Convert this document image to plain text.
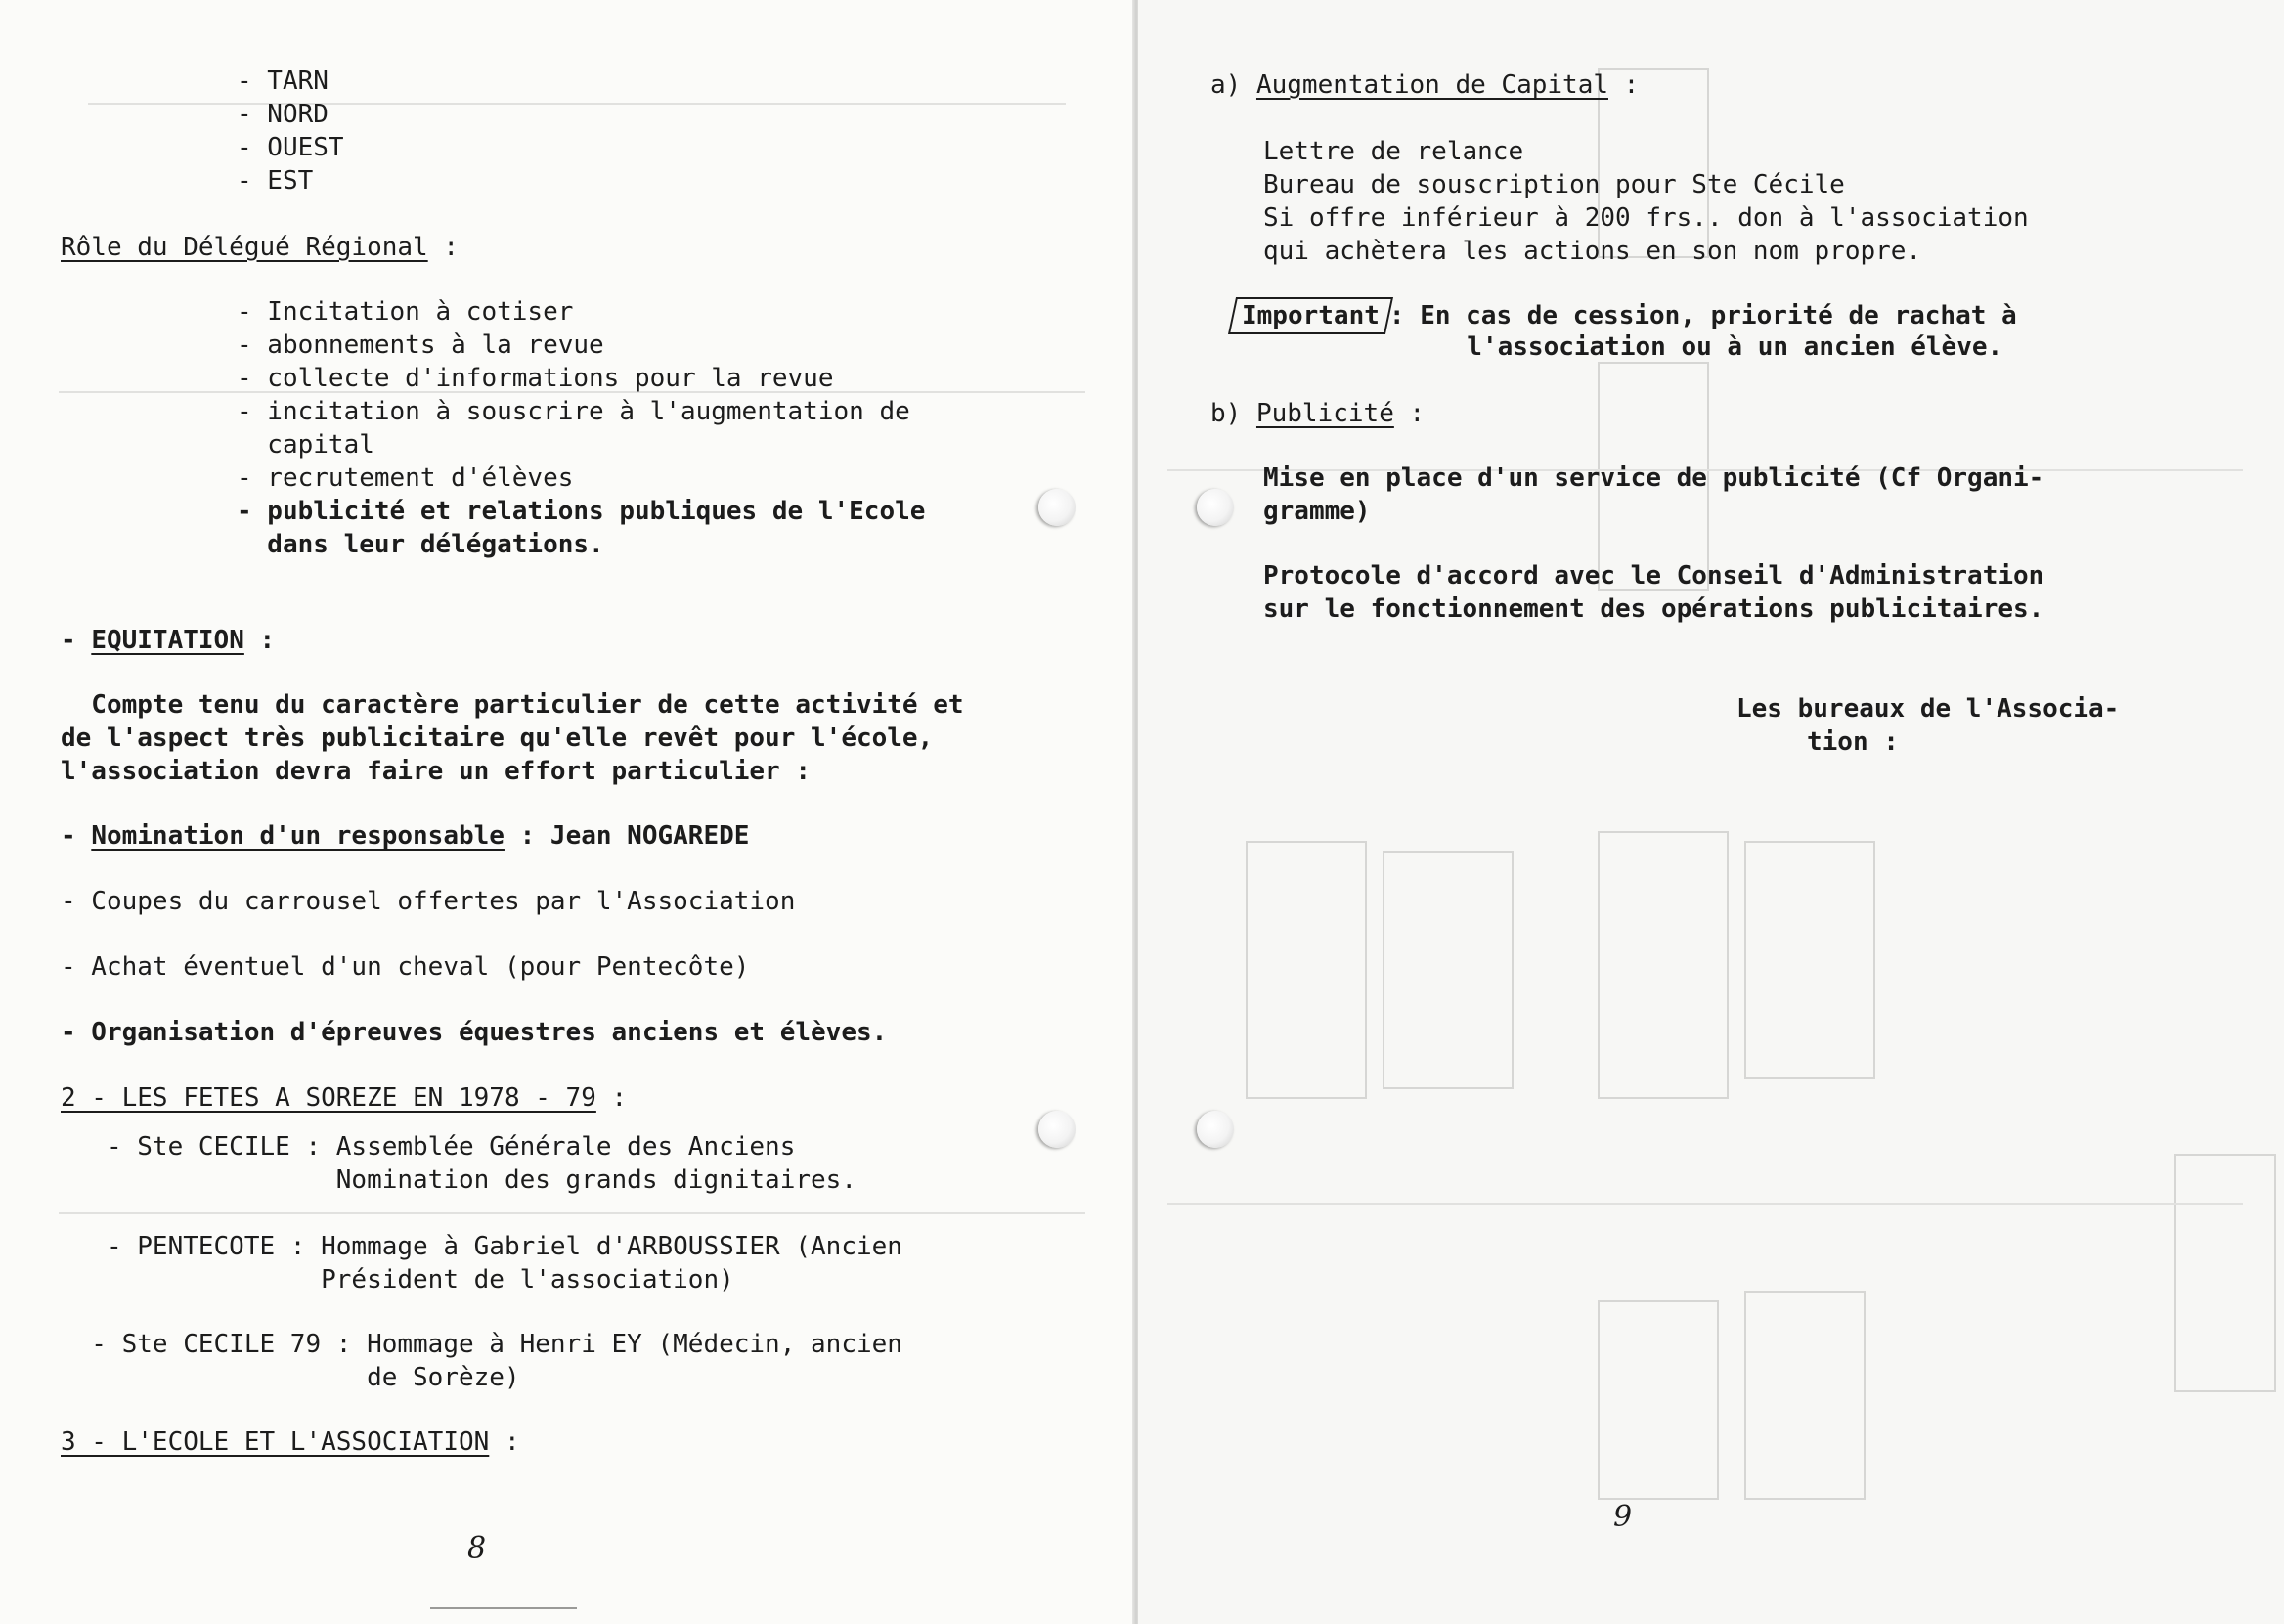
- TARN
- NORD
- OUEST
- EST
Rôle du Délégué Régional :
- Incitation à cotiser
- abonnements à la revue
- collecte d'informations pour la revue
- incitation à souscrire à l'augmentation de
capital
- recrutement d'élèves
- publicité et relations publiques de l'Ecole
dans leur délégations.
- EQUITATION :
Compte tenu du caractère particulier de cette activité et
de l'aspect très publicitaire qu'elle revêt pour l'école,
l'association devra faire un effort particulier :
- Nomination d'un responsable : Jean NOGAREDE
- Coupes du carrousel offertes par l'Association
- Achat éventuel d'un cheval (pour Pentecôte)
- Organisation d'épreuves équestres anciens et élèves.
2 - LES FETES A SOREZE EN 1978 - 79 :
- Ste CECILE : Assemblée Générale des Anciens
Nomination des grands dignitaires.
- PENTECOTE : Hommage à Gabriel d'ARBOUSSIER (Ancien
Président de l'association)
- Ste CECILE 79 : Hommage à Henri EY (Médecin, ancien
de Sorèze)
3 - L'ECOLE ET L'ASSOCIATION :
8
a) Augmentation de Capital :
Lettre de relance
Bureau de souscription pour Ste Cécile
Si offre inférieur à 200 frs.. don à l'association
qui achètera les actions en son nom propre.
Important : En cas de cession, priorité de rachat à
l'association ou à un ancien élève.
b) Publicité :
Mise en place d'un service de publicité (Cf Organi-
gramme)
Protocole d'accord avec le Conseil d'Administration
sur le fonctionnement des opérations publicitaires.
Les bureaux de l'Associa-
tion :
9
